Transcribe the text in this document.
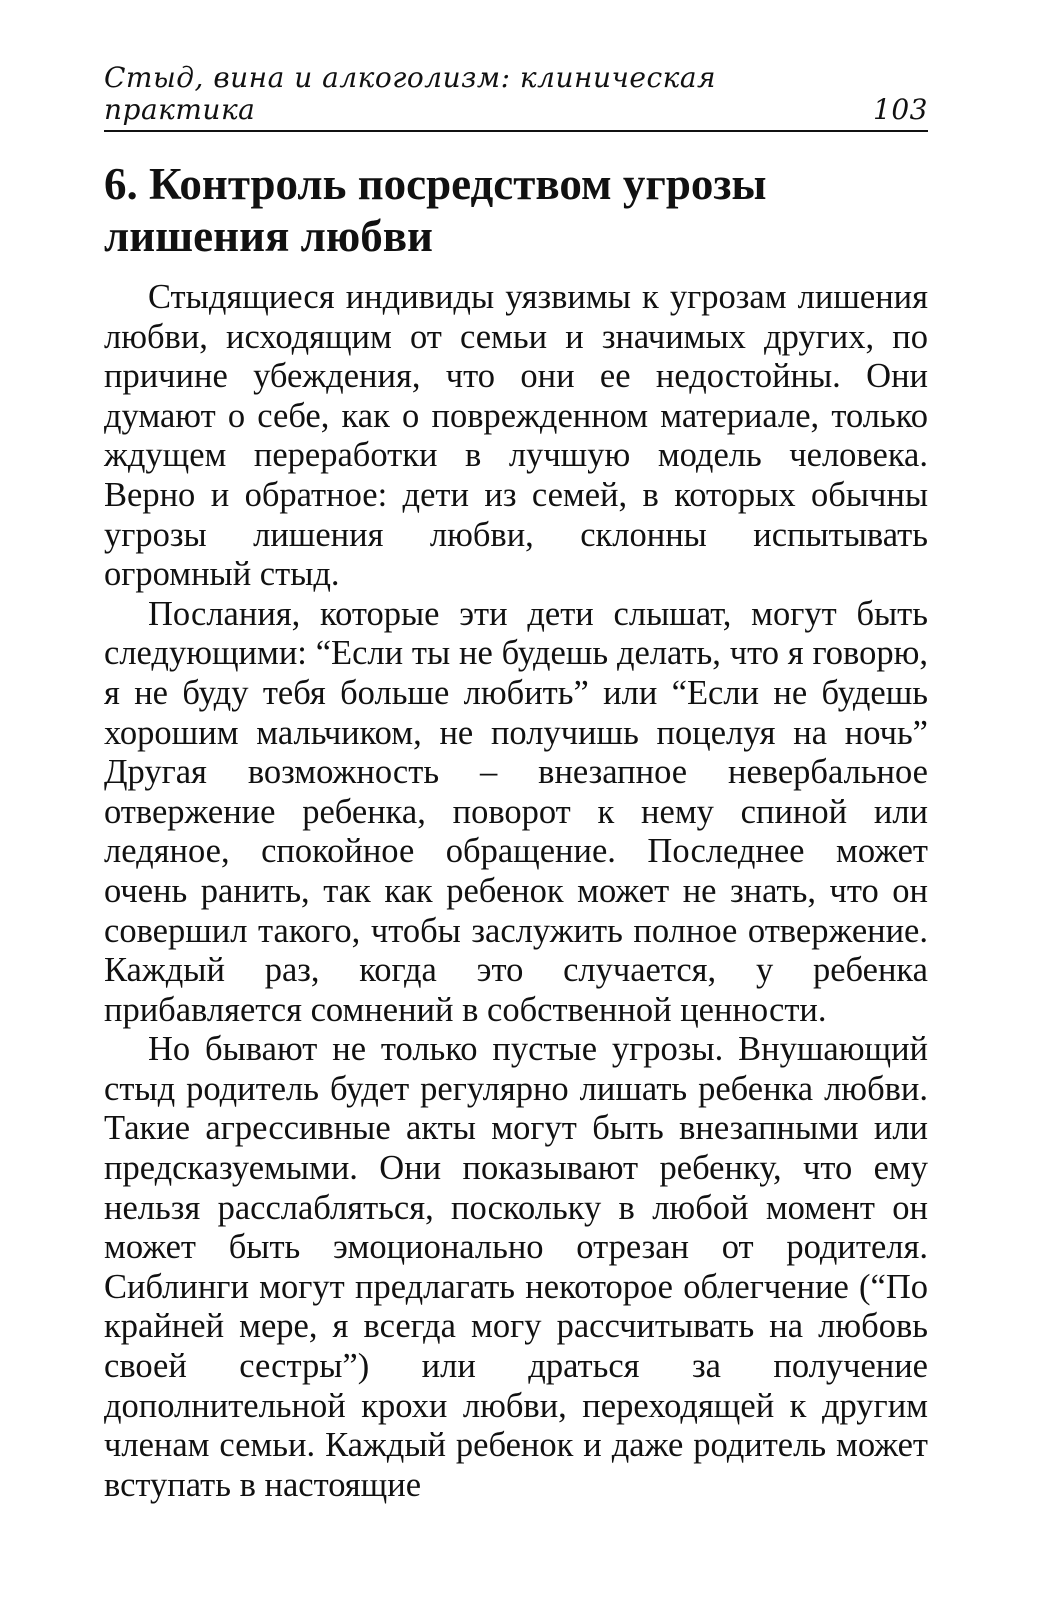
Стыд, вина и алкоголизм: клиническая практика	103
6. Контроль посредством угрозы лишения любви

Стыдящиеся индивиды уязвимы к угрозам лишения любви, исходящим от семьи и значимых других, по причине убеждения, что они ее недостойны. Они думают о себе, как о поврежденном материале, только ждущем переработки в лучшую модель человека. Верно и обратное: дети из семей, в которых обычны угрозы лишения любви, склонны испытывать огромный стыд.

Послания, которые эти дети слышат, могут быть следующими: “Если ты не будешь делать, что я говорю, я не буду тебя больше любить” или “Если не будешь хорошим мальчиком, не получишь поцелуя на ночь” Другая возможность – внезапное невербальное отвержение ребенка, поворот к нему спиной или ледяное, спокойное обращение. Последнее может очень ранить, так как ребенок может не знать, что он совершил такого, чтобы заслужить полное отвержение. Каждый раз, когда это случается, у ребенка прибавляется сомнений в собственной ценности.

Но бывают не только пустые угрозы. Внушающий стыд родитель будет регулярно лишать ребенка любви. Такие агрессивные акты могут быть внезапными или предсказуемыми. Они показывают ребенку, что ему нельзя расслабляться, поскольку в любой момент он может быть эмоционально отрезан от родителя. Сиблинги могут предлагать некоторое облегчение (“По крайней мере, я всегда могу рассчитывать на любовь своей сестры”) или драться за получение дополнительной крохи любви, переходящей к другим членам семьи. Каждый ребенок и даже родитель может вступать в настоящие
